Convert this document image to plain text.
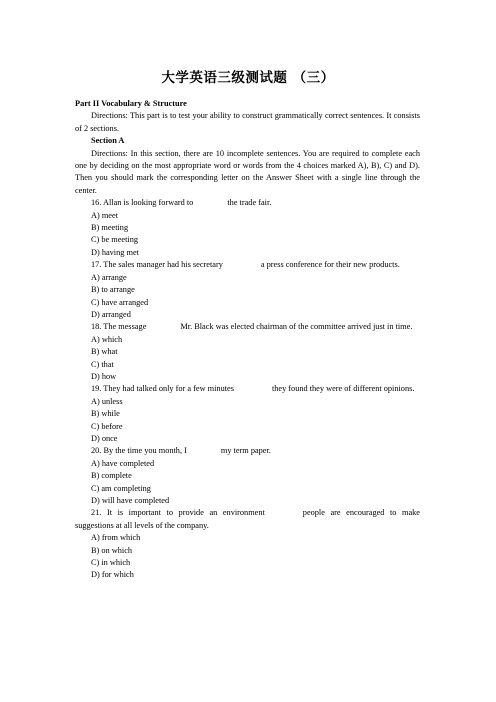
大学英语三级测试题 （三）

Part II Vocabulary & Structure

Directions: This part is to test your ability to construct grammatically correct sentences. It consists of 2 sections.

Section A

Directions: In this section, there are 10 incomplete sentences. You are required to complete each one by deciding on the most appropriate word or words from the 4 choices marked A), B), C) and D). Then you should mark the corresponding letter on the Answer Sheet with a single line through the center.

16. Allan is looking forward to	the trade fair.

A) meet

B) meeting

C) be meeting

D) having met

17. The sales manager had his secretary	a press conference for their new products.

A) arrange

B) to arrange

C) have arranged

D) arranged

18. The message	Mr. Black was elected chairman of the committee arrived just in time.

A) which

B) what

C) that

D) how

19. They had talked only for a few minutes	they found they were of different opinions.

A) unless

B) while

C) before

D) once

20. By the time you month, I	my term paper.

A) have completed

B) complete

C) am completing

D) will have completed

21. It is important to provide an environment	people are encouraged to make suggestions at all levels of the company.

A) from which

B) on which

C) in which

D) for which
